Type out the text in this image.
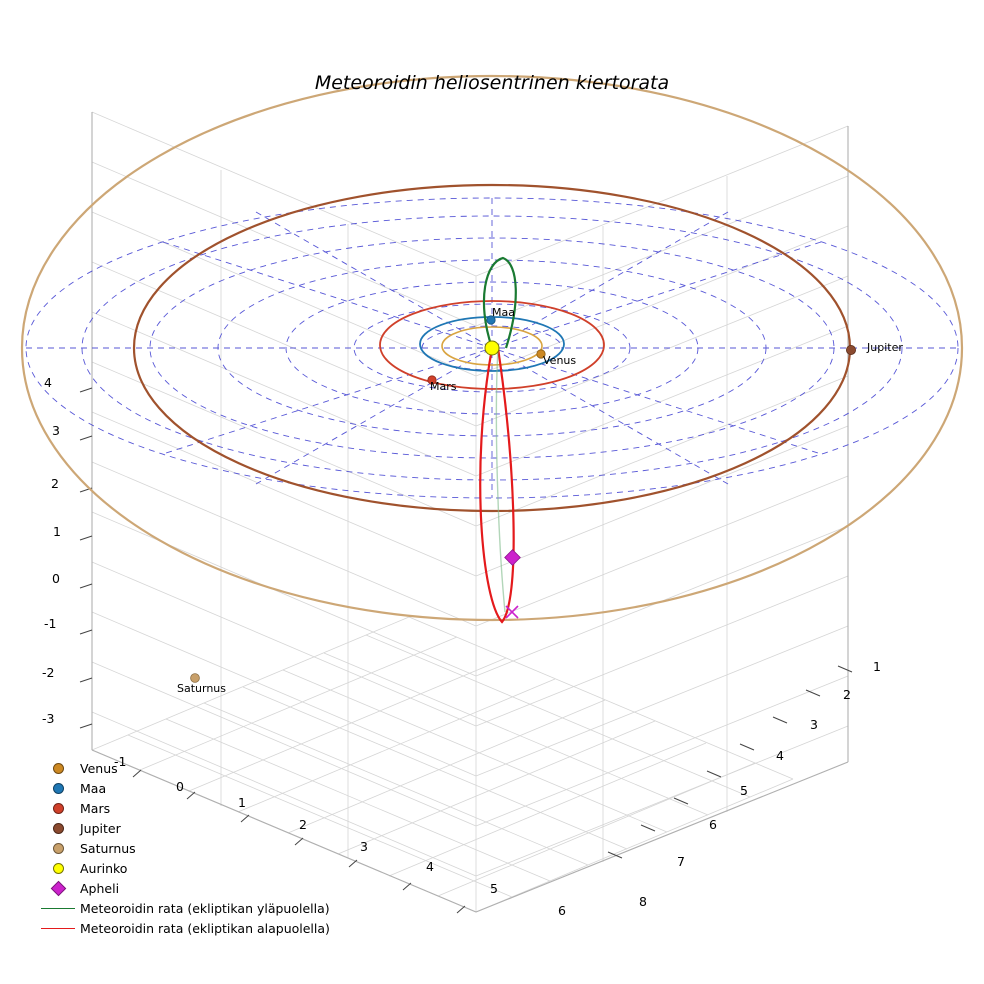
Meteoroidin heliosentrinen kiertorata
4
3
2
1
0
-1
-2
-3
-1
0
1
2
3
4
5
6
1
2
3
4
5
6
7
8
Maa
Venus
Mars
Jupiter
Saturnus
Venus
Maa
Mars
Jupiter
Saturnus
Aurinko
Apheli
Meteoroidin rata (ekliptikan yläpuolella)
Meteoroidin rata (ekliptikan alapuolella)
